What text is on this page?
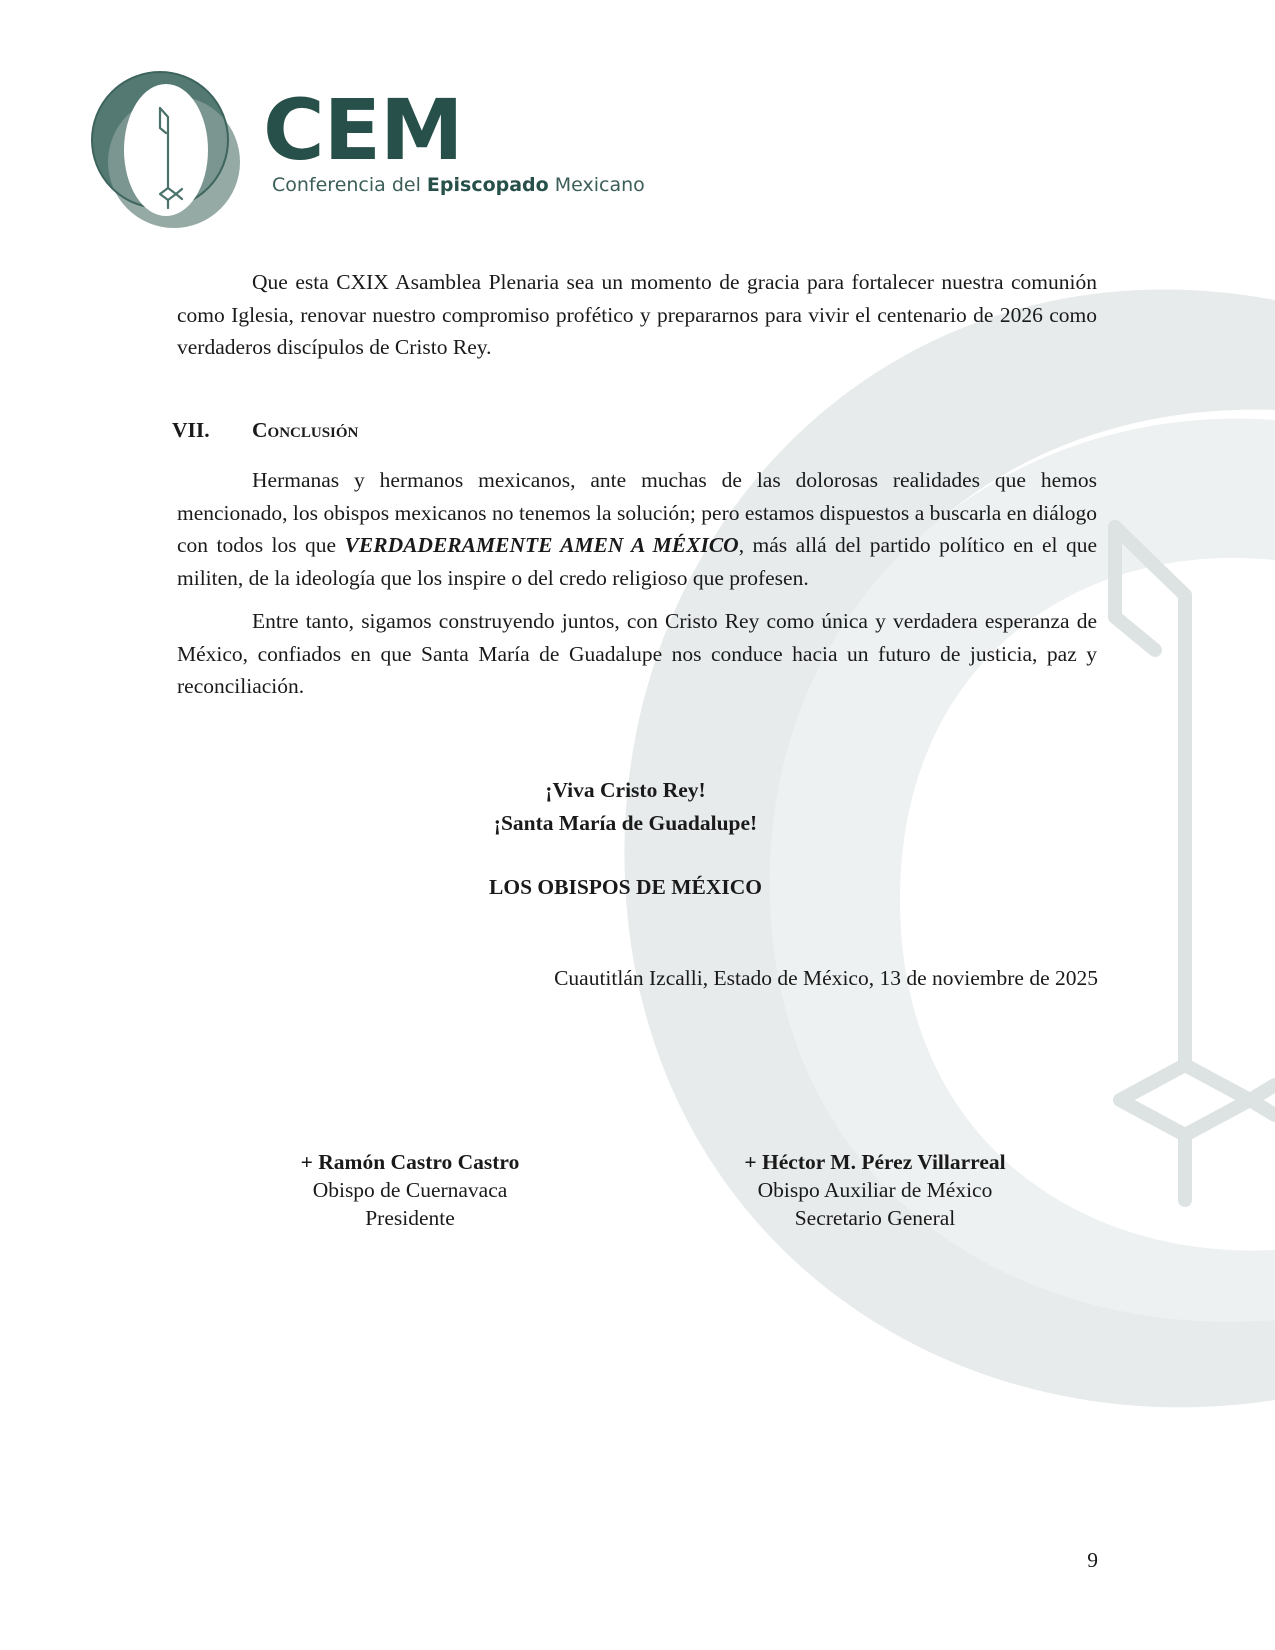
CEM
Conferencia del Episcopado Mexicano

Que esta CXIX Asamblea Plenaria sea un momento de gracia para fortalecer nuestra comunión como Iglesia, renovar nuestro compromiso profético y prepararnos para vivir el centenario de 2026 como verdaderos discípulos de Cristo Rey.

VII. Conclusión

Hermanas y hermanos mexicanos, ante muchas de las dolorosas realidades que hemos mencionado, los obispos mexicanos no tenemos la solución; pero estamos dispuestos a buscarla en diálogo con todos los que VERDADERAMENTE AMEN A MÉXICO, más allá del partido político en el que militen, de la ideología que los inspire o del credo religioso que profesen.

Entre tanto, sigamos construyendo juntos, con Cristo Rey como única y verdadera esperanza de México, confiados en que Santa María de Guadalupe nos conduce hacia un futuro de justicia, paz y reconciliación.

¡Viva Cristo Rey!
¡Santa María de Guadalupe!
LOS OBISPOS DE MÉXICO
Cuautitlán Izcalli, Estado de México, 13 de noviembre de 2025
+ Ramón Castro Castro
Obispo de Cuernavaca
Presidente
+ Héctor M. Pérez Villarreal
Obispo Auxiliar de México
Secretario General
9
